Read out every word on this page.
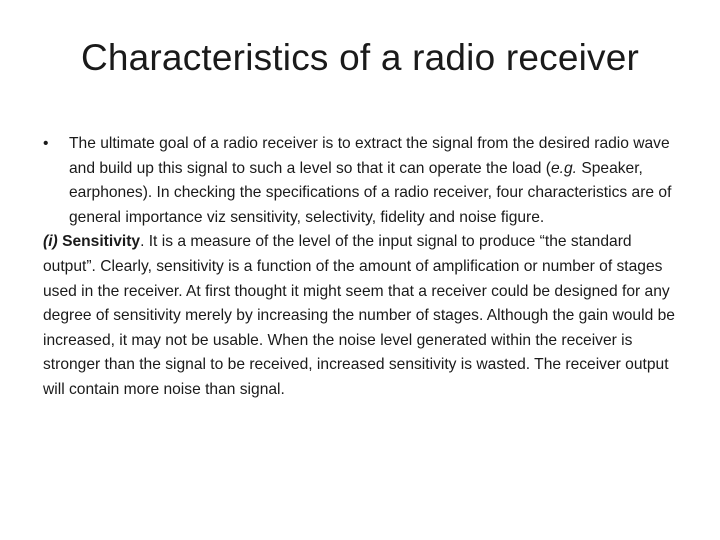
Characteristics of a radio receiver

• The ultimate goal of a radio receiver is to extract the signal from the desired radio wave and build up this signal to such a level so that it can operate the load (e.g. Speaker, earphones). In checking the specifications of a radio receiver, four characteristics are of general importance viz sensitivity, selectivity, fidelity and noise figure.

(i) Sensitivity. It is a measure of the level of the input signal to produce “the standard output”. Clearly, sensitivity is a function of the amount of amplification or number of stages used in the receiver. At first thought it might seem that a receiver could be designed for any degree of sensitivity merely by increasing the number of stages. Although the gain would be increased, it may not be usable. When the noise level generated within the receiver is stronger than the signal to be received, increased sensitivity is wasted. The receiver output will contain more noise than signal.
